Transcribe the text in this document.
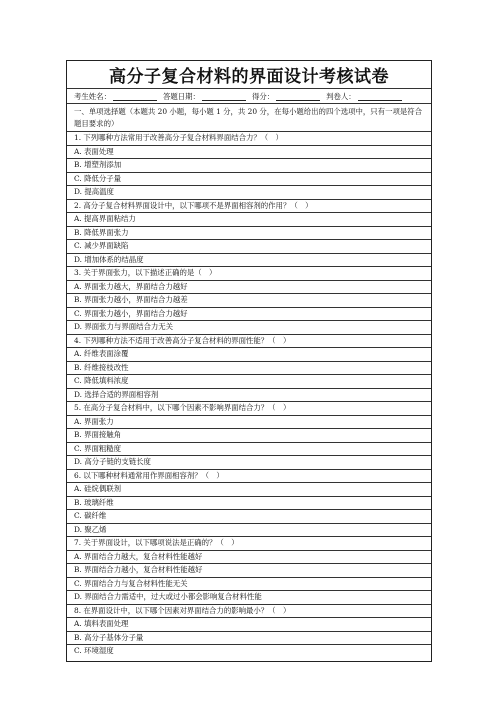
高分子复合材料的界面设计考核试卷
考生姓名：	答题日期：	得分：	判卷人：
一、单项选择题（本题共 20 小题，每小题 1 分，共 20 分，在每小题给出的四个选项中，只有一项是符合题目要求的）
1. 下列哪种方法常用于改善高分子复合材料界面结合力？（　）
A. 表面处理
B. 增塑剂添加
C. 降低分子量
D. 提高温度
2. 高分子复合材料界面设计中，以下哪项不是界面相容剂的作用？（　）
A. 提高界面粘结力
B. 降低界面张力
C. 减少界面缺陷
D. 增加体系的结晶度
3. 关于界面张力，以下描述正确的是（　）
A. 界面张力越大，界面结合力越好
B. 界面张力越小，界面结合力越差
C. 界面张力越小，界面结合力越好
D. 界面张力与界面结合力无关
4. 下列哪种方法不适用于改善高分子复合材料的界面性能？（　）
A. 纤维表面涂覆
B. 纤维接枝改性
C. 降低填料浓度
D. 选择合适的界面相容剂
5. 在高分子复合材料中，以下哪个因素不影响界面结合力？（　）
A. 界面张力
B. 界面接触角
C. 界面粗糙度
D. 高分子链的支链长度
6. 以下哪种材料通常用作界面相容剂？（　）
A. 硅烷偶联剂
B. 玻璃纤维
C. 碳纤维
D. 聚乙烯
7. 关于界面设计，以下哪项说法是正确的？（　）
A. 界面结合力越大，复合材料性能越好
B. 界面结合力越小，复合材料性能越好
C. 界面结合力与复合材料性能无关
D. 界面结合力需适中，过大或过小都会影响复合材料性能
8. 在界面设计中，以下哪个因素对界面结合力的影响最小？（　）
A. 填料表面处理
B. 高分子基体分子量
C. 环境湿度
